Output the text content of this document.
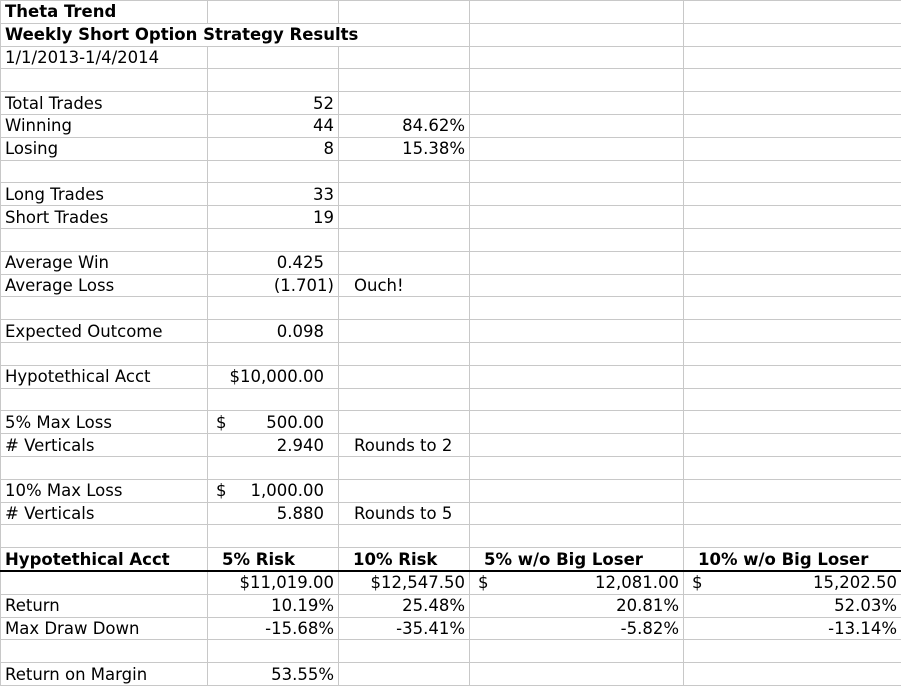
Theta Trend				
Weekly Short Option Strategy Results				
1/1/2013-1/4/2014				

Total Trades	52			
Winning	44	84.62%		
Losing	8	15.38%		

Long Trades	33			
Short Trades	19			

Average Win	0.425			
Average Loss	(1.701)	Ouch!		

Expected Outcome	0.098			

Hypotethical Acct	$10,000.00			

5% Max Loss	$ 500.00			

# Verticals	2.940	Rounds to 2		

10% Max Loss	$ 1,000.00			

# Verticals	5.880	Rounds to 5		

Hypotethical Acct	5% Risk	10% Risk	5% w/o Big Loser	10% w/o Big Loser
	$11,019.00	$12,547.50	$ 12,081.00	$ 15,202.50

Return	10.19%	25.48%	20.81%	52.03%
Max Draw Down	-15.68%	-35.41%	-5.82%	-13.14%

Return on Margin	53.55%			
